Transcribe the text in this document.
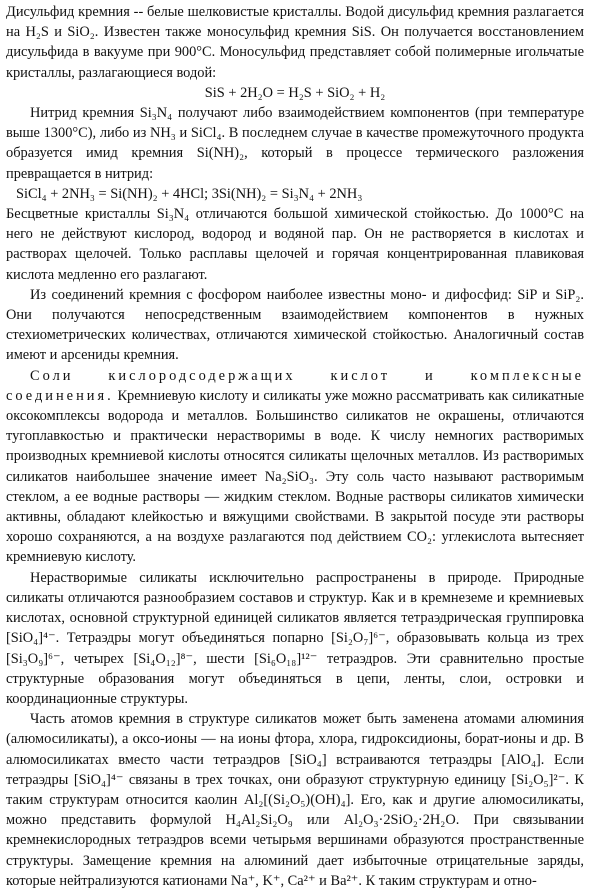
Дисульфид кремния -- белые шелковистые кристаллы. Водой дисульфид кремния разлагается на H₂S и SiO₂. Известен также моносульфид кремния SiS. Он получается восстановлением дисульфида в вакууме при 900°С. Моносульфид представляет собой полимерные игольчатые кристаллы, разлагающиеся водой:

SiS + 2H₂O = H₂S + SiO₂ + H₂

Нитрид кремния Si₃N₄ получают либо взаимодействием компонентов (при температуре выше 1300°С), либо из NH₃ и SiCl₄. В последнем случае в качестве промежуточного продукта образуется имид кремния Si(NH)₂, который в процессе термического разложения превращается в нитрид:

SiCl₄ + 2NH₃ = Si(NH)₂ + 4HCl; 3Si(NH)₂ = Si₃N₄ + 2NH₃

Бесцветные кристаллы Si₃N₄ отличаются большой химической стойкостью. До 1000°С на него не действуют кислород, водород и водяной пар. Он не растворяется в кислотах и растворах щелочей. Только расплавы щелочей и горячая концентрированная плавиковая кислота медленно его разлагают.

Из соединений кремния с фосфором наиболее известны моно- и дифосфид: SiP и SiP₂. Они получаются непосредственным взаимодействием компонентов в нужных стехиометрических количествах, отличаются химической стойкостью. Аналогичный состав имеют и арсениды кремния.

Соли кислородсодержащих кислот и комплексные соединения. Кремниевую кислоту и силикаты уже можно рассматривать как силикатные оксокомплексы водорода и металлов. Большинство силикатов не окрашены, отличаются тугоплавкостью и практически нерастворимы в воде. К числу немногих растворимых производных кремниевой кислоты относятся силикаты щелочных металлов. Из растворимых силикатов наибольшее значение имеет Na₂SiO₃. Эту соль часто называют растворимым стеклом, а ее водные растворы — жидким стеклом. Водные растворы силикатов химически активны, обладают клейкостью и вяжущими свойствами. В закрытой посуде эти растворы хорошо сохраняются, а на воздухе разлагаются под действием CO₂: углекислота вытесняет кремниевую кислоту.

Нерастворимые силикаты исключительно распространены в природе. Природные силикаты отличаются разнообразием составов и структур. Как и в кремнеземе и кремниевых кислотах, основной структурной единицей силикатов является тетраэдрическая группировка [SiO₄]⁴⁻. Тетраэдры могут объединяться попарно [Si₂O₇]⁶⁻, образовывать кольца из трех [Si₃O₉]⁶⁻, четырех [Si₄O₁₂]⁸⁻, шести [Si₆O₁₈]¹²⁻ тетраэдров. Эти сравнительно простые структурные образования могут объединяться в цепи, ленты, слои, островки и координационные структуры.

Часть атомов кремния в структуре силикатов может быть заменена атомами алюминия (алюмосиликаты), а оксо-ионы — на ионы фтора, хлора, гидроксидионы, борат-ионы и др. В алюмосиликатах вместо части тетраэдров [SiO₄] встраиваются тетраэдры [AlO₄]. Если тетраэдры [SiO₄]⁴⁻ связаны в трех точках, они образуют структурную единицу [Si₂O₅]²⁻. К таким структурам относится каолин Al₂[(Si₂O₅)(OH)₄]. Его, как и другие алюмосиликаты, можно представить формулой H₄Al₂Si₂O₉ или Al₂O₃·2SiO₂·2H₂O. При связывании кремнекислородных тетраэдров всеми четырьмя вершинами образуются пространственные структуры. Замещение кремния на алюминий дает избыточные отрицательные заряды, которые нейтрализуются катионами Na⁺, K⁺, Ca²⁺ и Ba²⁺. К таким структурам и отно-
